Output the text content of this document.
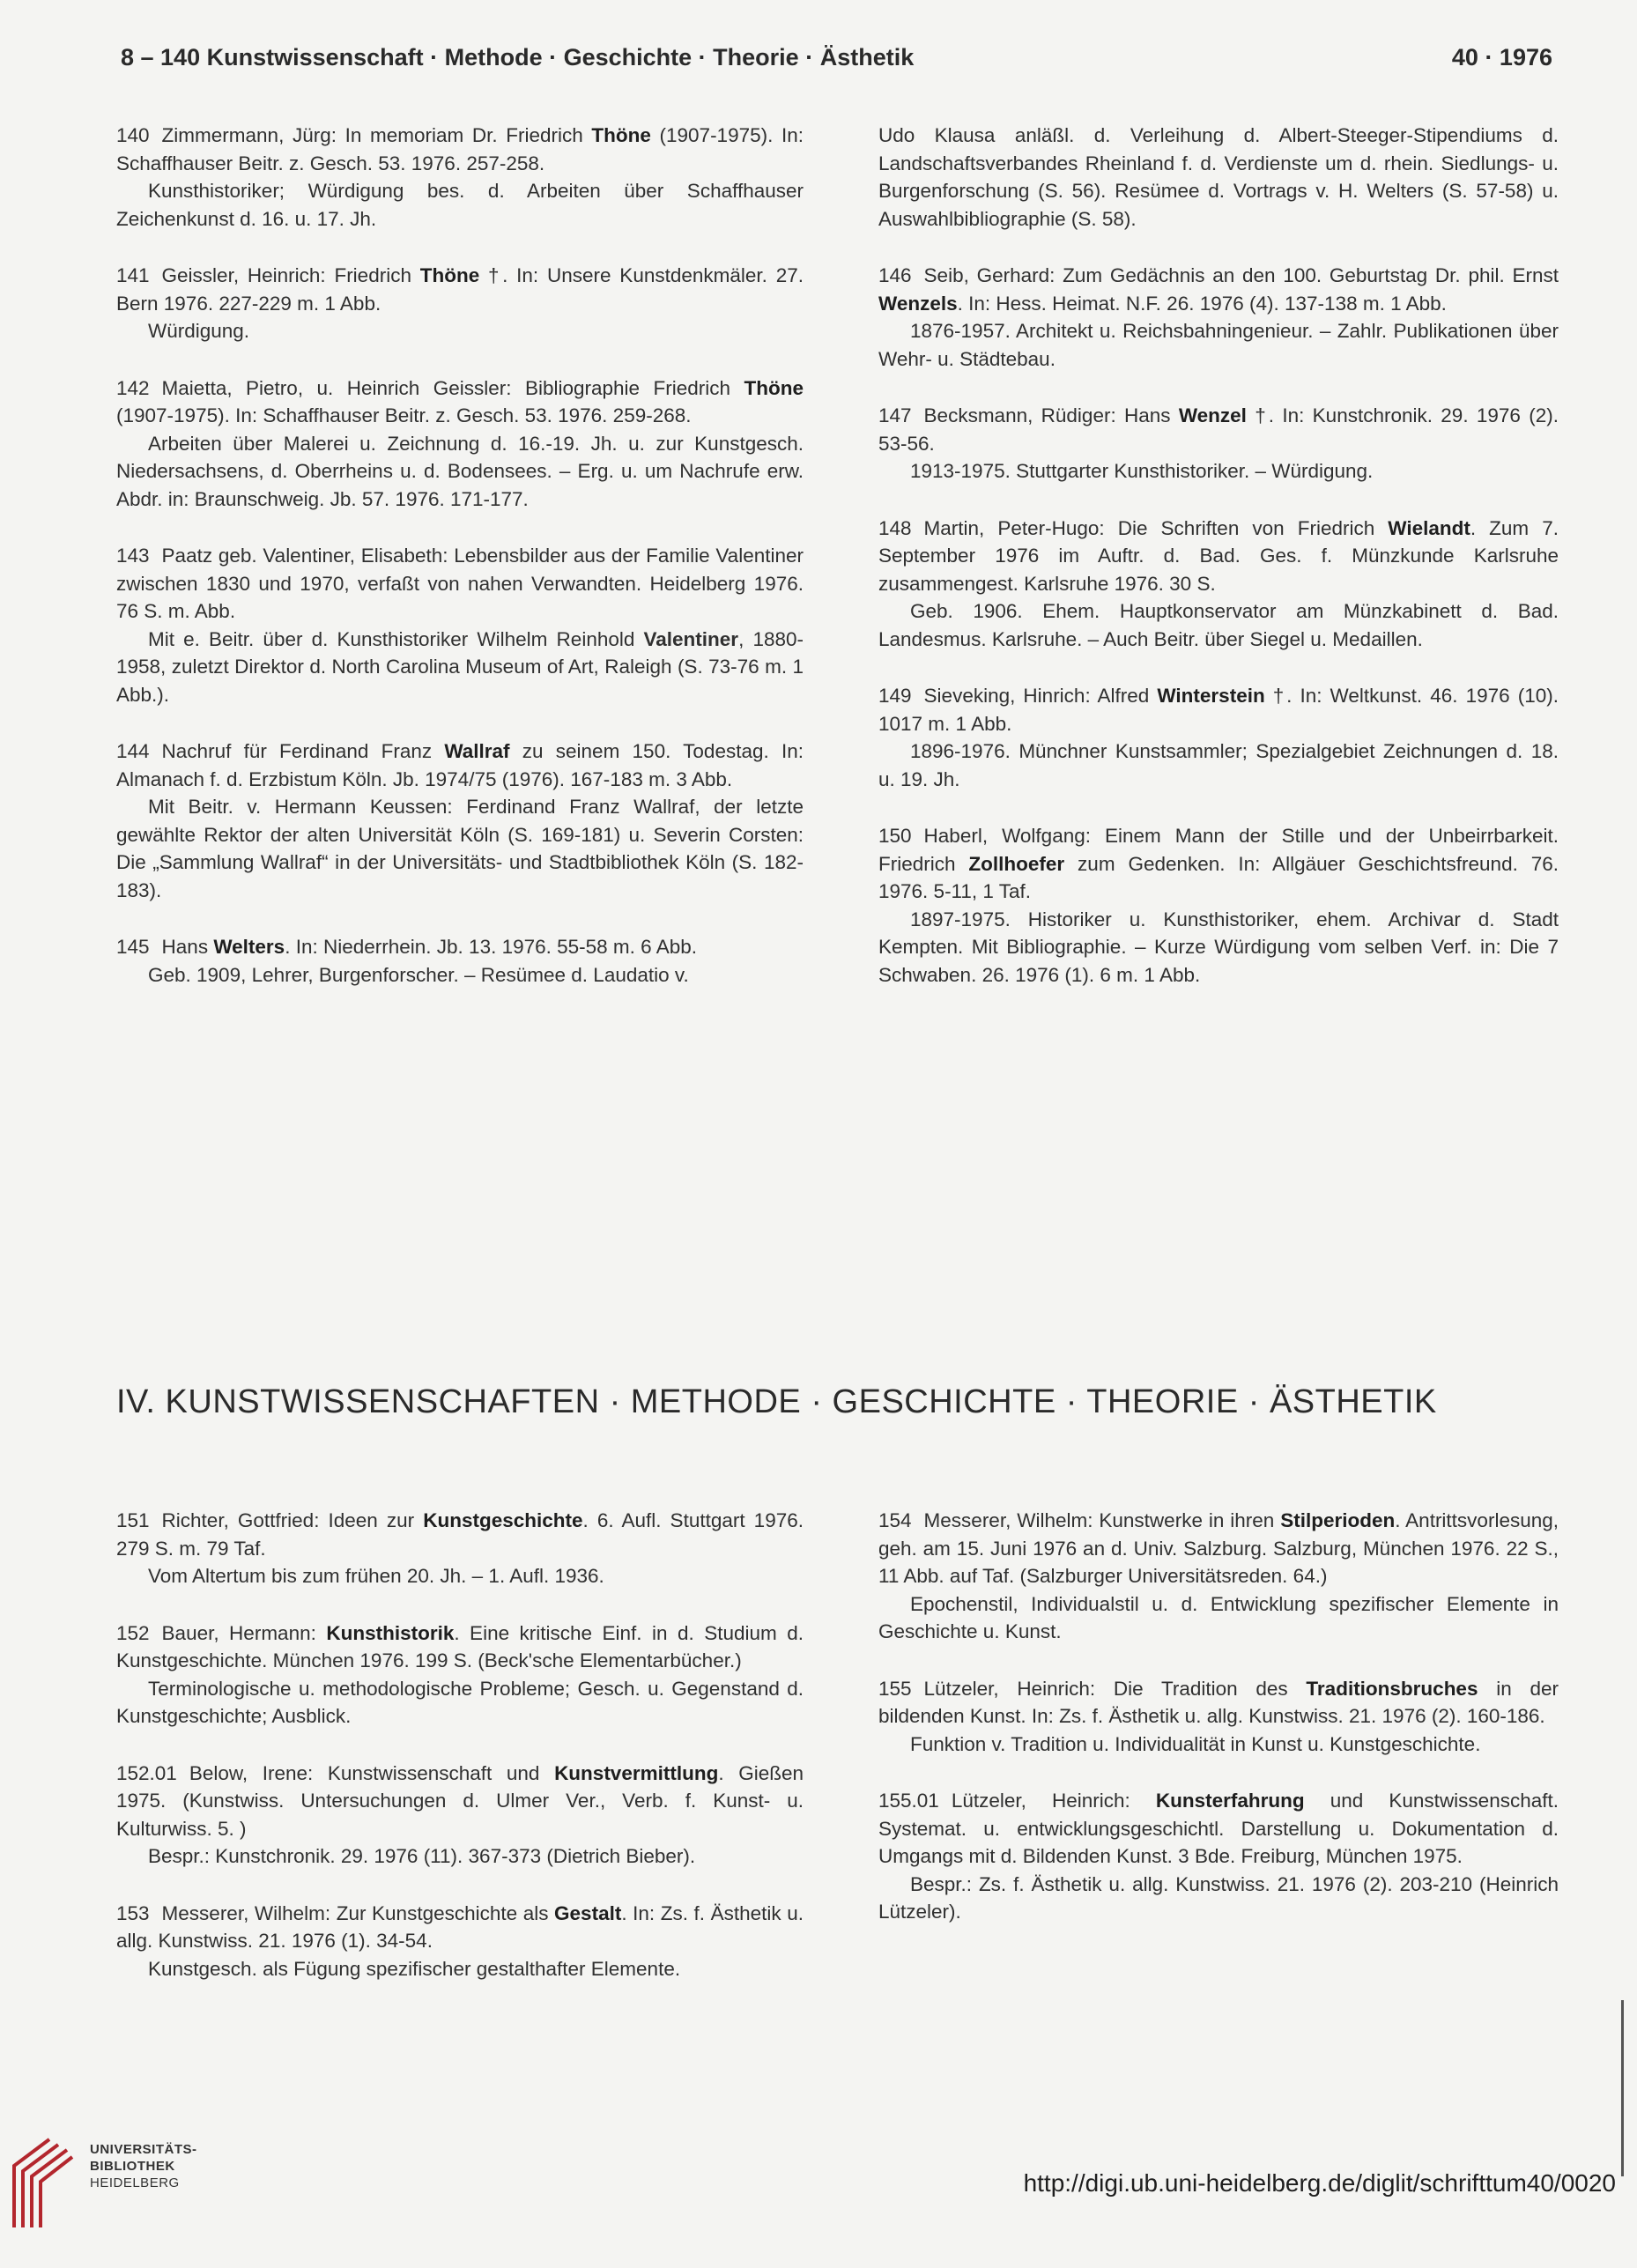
8 – 140 Kunstwissenschaft · Methode · Geschichte · Theorie · Ästhetik	40 · 1976

140 Zimmermann, Jürg: In memoriam Dr. Friedrich Thöne (1907-1975). In: Schaffhauser Beitr. z. Gesch. 53. 1976. 257-258.

Kunsthistoriker; Würdigung bes. d. Arbeiten über Schaffhauser Zeichenkunst d. 16. u. 17. Jh.

141 Geissler, Heinrich: Friedrich Thöne †. In: Unsere Kunstdenkmäler. 27. Bern 1976. 227-229 m. 1 Abb.

Würdigung.

142 Maietta, Pietro, u. Heinrich Geissler: Bibliographie Friedrich Thöne (1907-1975). In: Schaffhauser Beitr. z. Gesch. 53. 1976. 259-268.

Arbeiten über Malerei u. Zeichnung d. 16.-19. Jh. u. zur Kunstgesch. Niedersachsens, d. Oberrheins u. d. Bodensees. – Erg. u. um Nachrufe erw. Abdr. in: Braunschweig. Jb. 57. 1976. 171-177.

143 Paatz geb. Valentiner, Elisabeth: Lebensbilder aus der Familie Valentiner zwischen 1830 und 1970, verfaßt von nahen Verwandten. Heidelberg 1976. 76 S. m. Abb.

Mit e. Beitr. über d. Kunsthistoriker Wilhelm Reinhold Valentiner, 1880-1958, zuletzt Direktor d. North Carolina Museum of Art, Raleigh (S. 73-76 m. 1 Abb.).

144 Nachruf für Ferdinand Franz Wallraf zu seinem 150. Todestag. In: Almanach f. d. Erzbistum Köln. Jb. 1974/75 (1976). 167-183 m. 3 Abb.

Mit Beitr. v. Hermann Keussen: Ferdinand Franz Wallraf, der letzte gewählte Rektor der alten Universität Köln (S. 169-181) u. Severin Corsten: Die „Sammlung Wallraf“ in der Universitäts- und Stadtbibliothek Köln (S. 182-183).

145 Hans Welters. In: Niederrhein. Jb. 13. 1976. 55-58 m. 6 Abb.

Geb. 1909, Lehrer, Burgenforscher. – Resümee d. Laudatio v.

Udo Klausa anläßl. d. Verleihung d. Albert-Steeger-Stipendiums d. Landschaftsverbandes Rheinland f. d. Verdienste um d. rhein. Siedlungs- u. Burgenforschung (S. 56). Resümee d. Vortrags v. H. Welters (S. 57-58) u. Auswahlbibliographie (S. 58).

146 Seib, Gerhard: Zum Gedächnis an den 100. Geburtstag Dr. phil. Ernst Wenzels. In: Hess. Heimat. N.F. 26. 1976 (4). 137-138 m. 1 Abb.

1876-1957. Architekt u. Reichsbahningenieur. – Zahlr. Publikationen über Wehr- u. Städtebau.

147 Becksmann, Rüdiger: Hans Wenzel †. In: Kunstchronik. 29. 1976 (2). 53-56.

1913-1975. Stuttgarter Kunsthistoriker. – Würdigung.

148 Martin, Peter-Hugo: Die Schriften von Friedrich Wielandt. Zum 7. September 1976 im Auftr. d. Bad. Ges. f. Münzkunde Karlsruhe zusammengest. Karlsruhe 1976. 30 S.

Geb. 1906. Ehem. Hauptkonservator am Münzkabinett d. Bad. Landesmus. Karlsruhe. – Auch Beitr. über Siegel u. Medaillen.

149 Sieveking, Hinrich: Alfred Winterstein †. In: Weltkunst. 46. 1976 (10). 1017 m. 1 Abb.

1896-1976. Münchner Kunstsammler; Spezialgebiet Zeichnungen d. 18. u. 19. Jh.

150 Haberl, Wolfgang: Einem Mann der Stille und der Unbeirrbarkeit. Friedrich Zollhoefer zum Gedenken. In: Allgäuer Geschichtsfreund. 76. 1976. 5-11, 1 Taf.

1897-1975. Historiker u. Kunsthistoriker, ehem. Archivar d. Stadt Kempten. Mit Bibliographie. – Kurze Würdigung vom selben Verf. in: Die 7 Schwaben. 26. 1976 (1). 6 m. 1 Abb.

IV. KUNSTWISSENSCHAFTEN · METHODE · GESCHICHTE · THEORIE · ÄSTHETIK

151 Richter, Gottfried: Ideen zur Kunstgeschichte. 6. Aufl. Stuttgart 1976. 279 S. m. 79 Taf.

Vom Altertum bis zum frühen 20. Jh. – 1. Aufl. 1936.

152 Bauer, Hermann: Kunsthistorik. Eine kritische Einf. in d. Studium d. Kunstgeschichte. München 1976. 199 S. (Beck'sche Elementarbücher.)

Terminologische u. methodologische Probleme; Gesch. u. Gegenstand d. Kunstgeschichte; Ausblick.

152.01 Below, Irene: Kunstwissenschaft und Kunstvermittlung. Gießen 1975. (Kunstwiss. Untersuchungen d. Ulmer Ver., Verb. f. Kunst- u. Kulturwiss. 5. )

Bespr.: Kunstchronik. 29. 1976 (11). 367-373 (Dietrich Bieber).

153 Messerer, Wilhelm: Zur Kunstgeschichte als Gestalt. In: Zs. f. Ästhetik u. allg. Kunstwiss. 21. 1976 (1). 34-54.

Kunstgesch. als Fügung spezifischer gestalthafter Elemente.

154 Messerer, Wilhelm: Kunstwerke in ihren Stilperioden. Antrittsvorlesung, geh. am 15. Juni 1976 an d. Univ. Salzburg. Salzburg, München 1976. 22 S., 11 Abb. auf Taf. (Salzburger Universitätsreden. 64.)

Epochenstil, Individualstil u. d. Entwicklung spezifischer Elemente in Geschichte u. Kunst.

155 Lützeler, Heinrich: Die Tradition des Traditionsbruches in der bildenden Kunst. In: Zs. f. Ästhetik u. allg. Kunstwiss. 21. 1976 (2). 160-186.

Funktion v. Tradition u. Individualität in Kunst u. Kunstgeschichte.

155.01 Lützeler, Heinrich: Kunsterfahrung und Kunstwissenschaft. Systemat. u. entwicklungsgeschichtl. Darstellung u. Dokumentation d. Umgangs mit d. Bildenden Kunst. 3 Bde. Freiburg, München 1975.

Bespr.: Zs. f. Ästhetik u. allg. Kunstwiss. 21. 1976 (2). 203-210 (Heinrich Lützeler).

UNIVERSITÄTS-
BIBLIOTHEK
HEIDELBERG	http://digi.ub.uni-heidelberg.de/diglit/schrifttum40/0020
